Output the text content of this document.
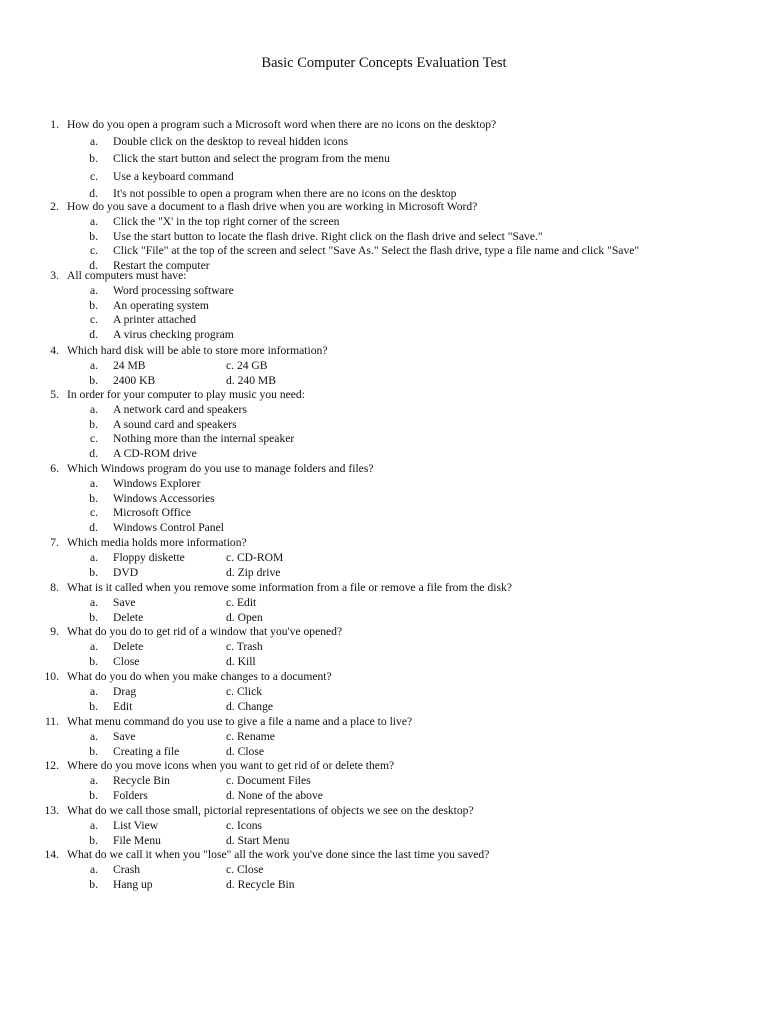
Basic Computer Concepts Evaluation Test
1. How do you open a program such a Microsoft word when there are no icons on the desktop?
a. Double click on the desktop to reveal hidden icons
b. Click the start button and select the program from the menu
c. Use a keyboard command
d. It's not possible to open a program when there are no icons on the desktop
2. How do you save a document to a flash drive when you are working in Microsoft Word?
a. Click the "X' in the top right corner of the screen
b. Use the start button to locate the flash drive. Right click on the flash drive and select "Save."
c. Click "File" at the top of the screen and select "Save As." Select the flash drive, type a file name and click "Save"
d. Restart the computer
3. All computers must have:
a. Word processing software
b. An operating system
c. A printer attached
d. A virus checking program
4. Which hard disk will be able to store more information?
a. 24 MB	c. 24 GB
b. 2400 KB	d. 240 MB
5. In order for your computer to play music you need:
a. A network card and speakers
b. A sound card and speakers
c. Nothing more than the internal speaker
d. A CD-ROM drive
6. Which Windows program do you use to manage folders and files?
a. Windows Explorer
b. Windows Accessories
c. Microsoft Office
d. Windows Control Panel
7. Which media holds more information?
a. Floppy diskette	c. CD-ROM
b. DVD	d. Zip drive
8. What is it called when you remove some information from a file or remove a file from the disk?
a. Save	c. Edit
b. Delete	d. Open
9. What do you do to get rid of a window that you've opened?
a. Delete	c. Trash
b. Close	d. Kill
10. What do you do when you make changes to a document?
a. Drag	c. Click
b. Edit	d. Change
11. What menu command do you use to give a file a name and a place to live?
a. Save	c. Rename
b. Creating a file	d. Close
12. Where do you move icons when you want to get rid of or delete them?
a. Recycle Bin	c. Document Files
b. Folders	d. None of the above
13. What do we call those small, pictorial representations of objects we see on the desktop?
a. List View	c. Icons
b. File Menu	d. Start Menu
14. What do we call it when you "lose" all the work you've done since the last time you saved?
a. Crash	c. Close
b. Hang up	d. Recycle Bin
